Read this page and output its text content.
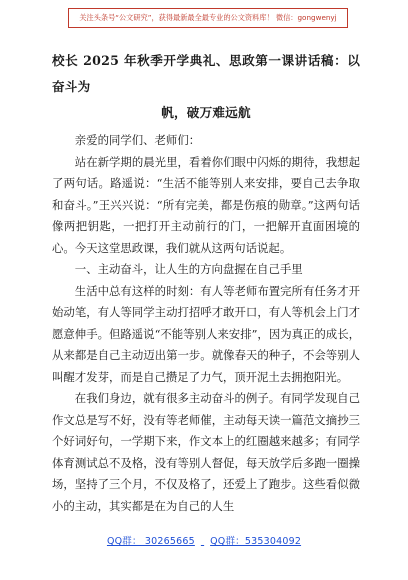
关注头条号“公文研究”，获得最新最全最专业的公文资料库！ 微信：gongwenyj
校长 2025 年秋季开学典礼、思政第一课讲话稿：以奋斗为
帆，破万难远航

亲爱的同学们、老师们：

站在新学期的晨光里，看着你们眼中闪烁的期待，我想起了两句话。路遥说：“生活不能等别人来安排，要自己去争取和奋斗。”王兴兴说：“所有完美，都是伤痕的勋章。”这两句话像两把钥匙，一把打开主动前行的门，一把解开直面困境的心。今天这堂思政课，我们就从这两句话说起。

一、主动奋斗，让人生的方向盘握在自己手里

生活中总有这样的时刻：有人等老师布置完所有任务才开始动笔，有人等同学主动打招呼才敢开口，有人等机会上门才愿意伸手。但路遥说“不能等别人来安排”，因为真正的成长，从来都是自己主动迈出第一步。就像春天的种子，不会等别人叫醒才发芽，而是自己攒足了力气，顶开泥土去拥抱阳光。

在我们身边，就有很多主动奋斗的例子。有同学发现自己作文总是写不好，没有等老师催，主动每天读一篇范文摘抄三个好词好句，一学期下来，作文本上的红圈越来越多；有同学体育测试总不及格，没有等别人督促，每天放学后多跑一圈操场，坚持了三个月，不仅及格了，还爱上了跑步。这些看似微小的主动，其实都是在为自己的人生

QQ群： 30265665 QQ群：535304092
